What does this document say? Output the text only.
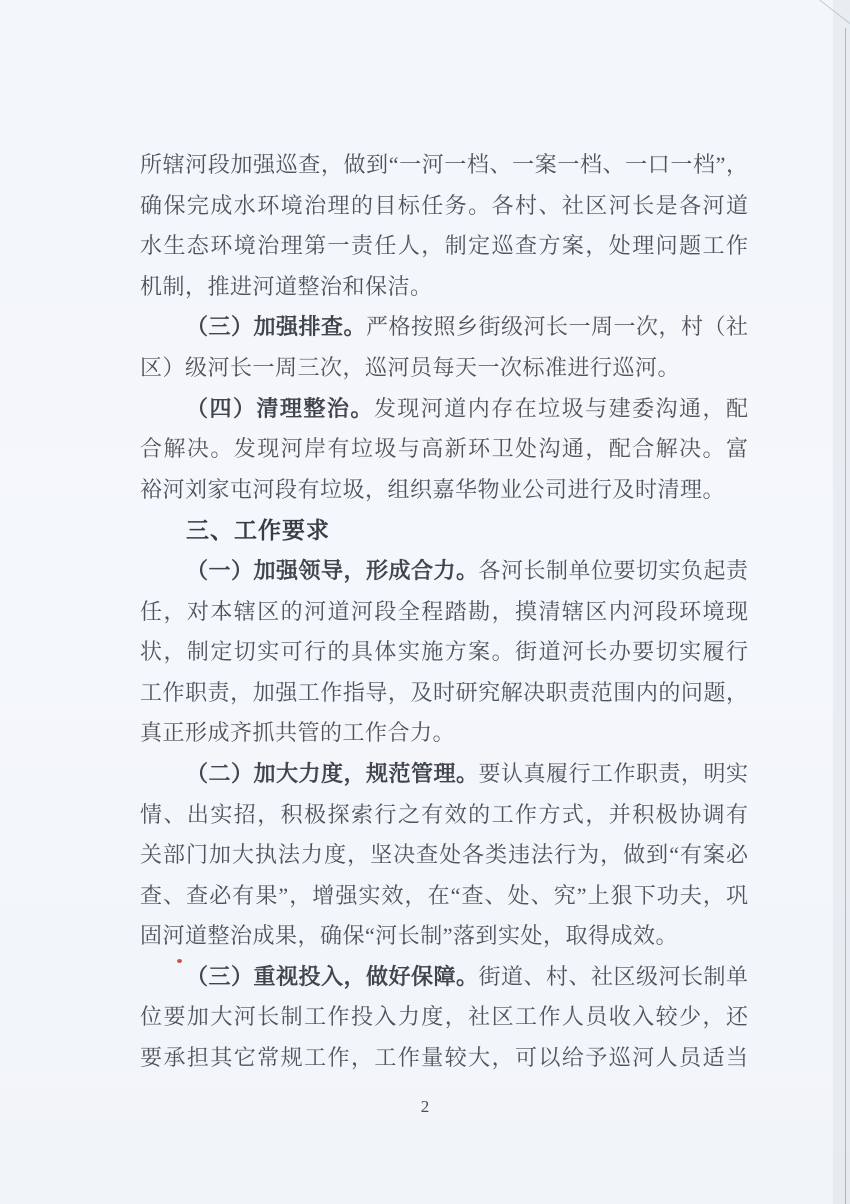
所辖河段加强巡查，做到“一河一档、一案一档、一口一档”，
确保完成水环境治理的目标任务。各村、社区河长是各河道
水生态环境治理第一责任人，制定巡查方案，处理问题工作
机制，推进河道整治和保洁。
（三）加强排查。严格按照乡街级河长一周一次，村（社
区）级河长一周三次，巡河员每天一次标准进行巡河。
（四）清理整治。发现河道内存在垃圾与建委沟通，配
合解决。发现河岸有垃圾与高新环卫处沟通，配合解决。富
裕河刘家屯河段有垃圾，组织嘉华物业公司进行及时清理。
三、工作要求
（一）加强领导，形成合力。各河长制单位要切实负起责
任，对本辖区的河道河段全程踏勘，摸清辖区内河段环境现
状，制定切实可行的具体实施方案。街道河长办要切实履行
工作职责，加强工作指导，及时研究解决职责范围内的问题，
真正形成齐抓共管的工作合力。
（二）加大力度，规范管理。要认真履行工作职责，明实
情、出实招，积极探索行之有效的工作方式，并积极协调有
关部门加大执法力度，坚决查处各类违法行为，做到“有案必
查、查必有果”，增强实效，在“查、处、究”上狠下功夫，巩
固河道整治成果，确保“河长制”落到实处，取得成效。
（三）重视投入，做好保障。街道、村、社区级河长制单
位要加大河长制工作投入力度，社区工作人员收入较少，还
要承担其它常规工作，工作量较大，可以给予巡河人员适当
2
